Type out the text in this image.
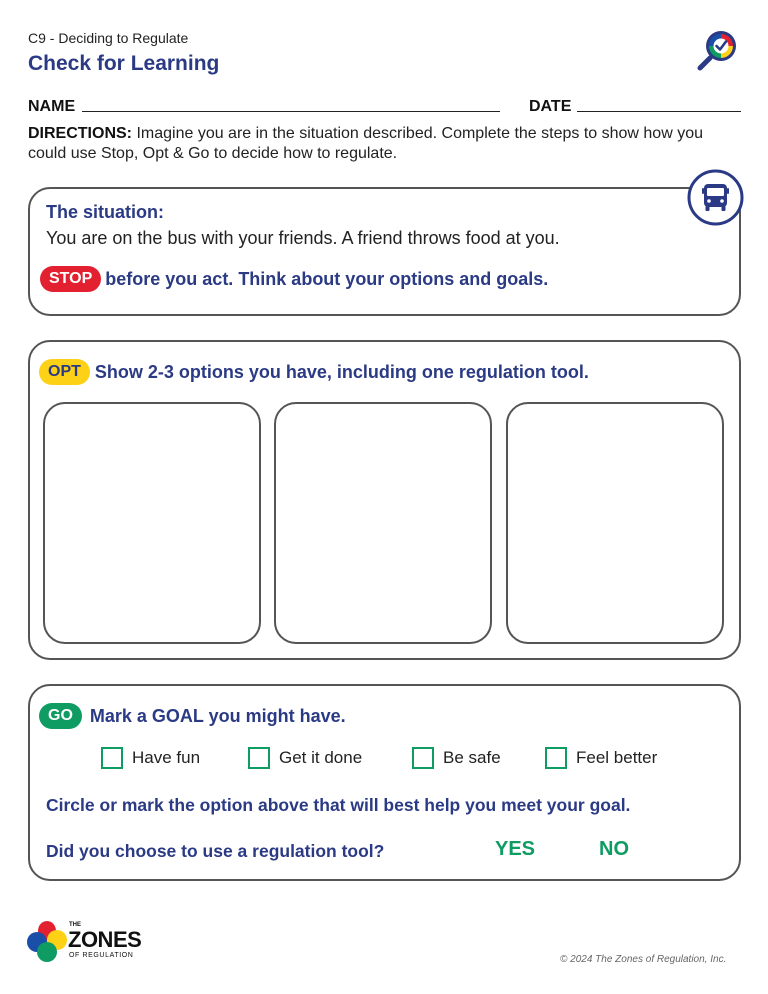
C9 - Deciding to Regulate
Check for Learning
NAME	DATE
DIRECTIONS: Imagine you are in the situation described. Complete the steps to show how you could use Stop, Opt & Go to decide how to regulate.
The situation:
You are on the bus with your friends. A friend throws food at you.
STOP before you act. Think about your options and goals.
OPT Show 2-3 options you have, including one regulation tool.
GO Mark a GOAL you might have.
Have fun	Get it done	Be safe	Feel better
Circle or mark the option above that will best help you meet your goal.
Did you choose to use a regulation tool?	YES	NO
THE
ZONES
OF REGULATION	© 2024 The Zones of Regulation, Inc.
